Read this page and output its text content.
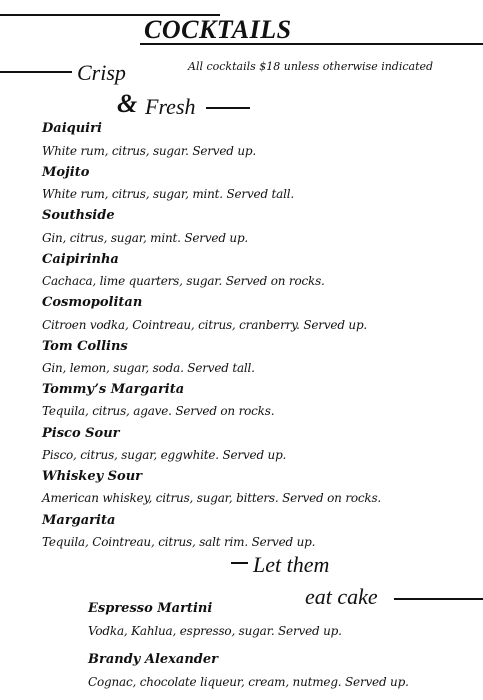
COCKTAILS
All cocktails $18 unless otherwise indicated
Crisp
& Fresh
Daiquiri
White rum, citrus, sugar. Served up.
Mojito
White rum, citrus, sugar, mint. Served tall.
Southside
Gin, citrus, sugar, mint. Served up.
Caipirinha
Cachaca, lime quarters, sugar. Served on rocks.
Cosmopolitan
Citroen vodka, Cointreau, citrus, cranberry. Served up.
Tom Collins
Gin, lemon, sugar, soda. Served tall.
Tommy’s Margarita
Tequila, citrus, agave. Served on rocks.
Pisco Sour
Pisco, citrus, sugar, eggwhite. Served up.
Whiskey Sour
American whiskey, citrus, sugar, bitters. Served on rocks.
Margarita
Tequila, Cointreau, citrus, salt rim. Served up.
Let them
eat cake
Espresso Martini
Vodka, Kahlua, espresso, sugar. Served up.
Brandy Alexander
Cognac, chocolate liqueur, cream, nutmeg. Served up.
